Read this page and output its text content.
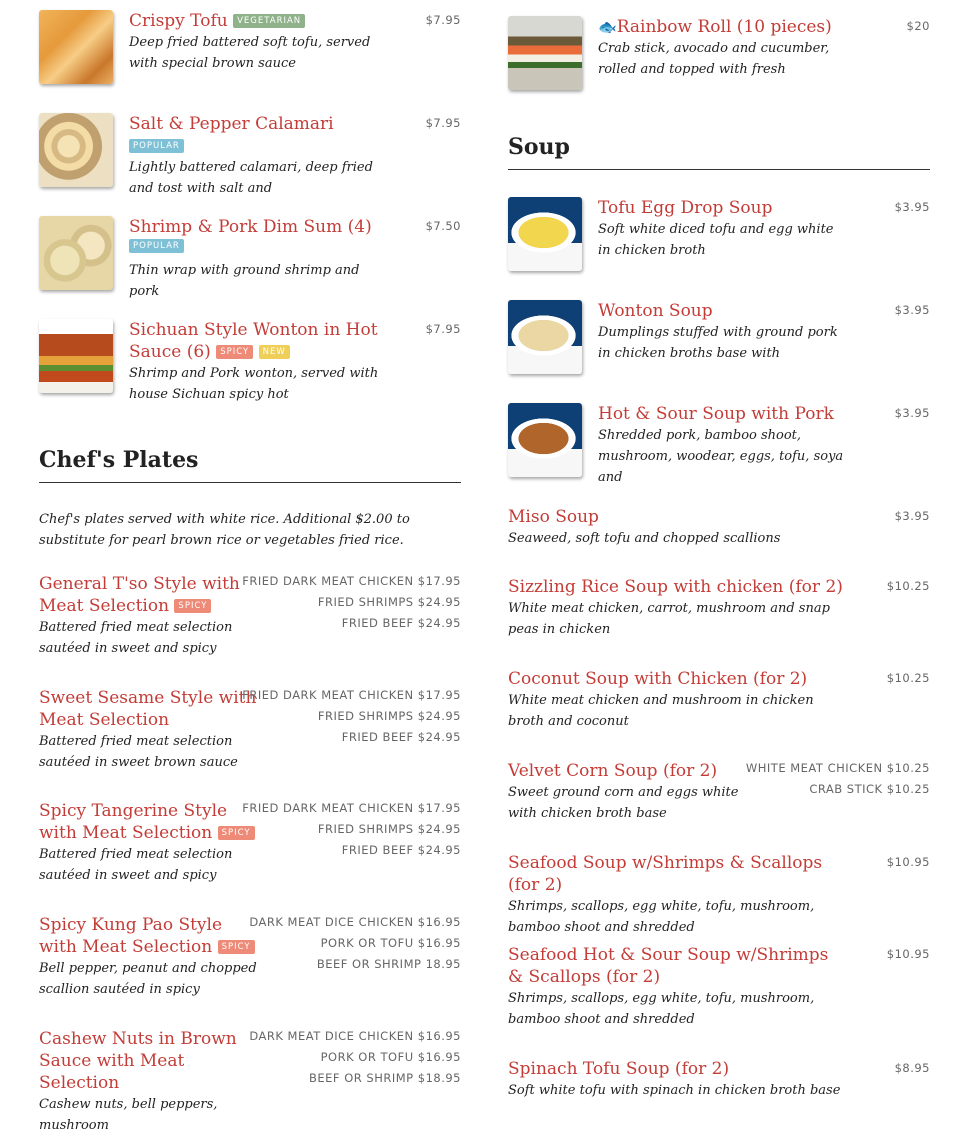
Crispy Tofu VEGETARIAN

Deep fried battered soft tofu, served with special brown sauce

$7.95

Salt & Pepper Calamari POPULAR

Lightly battered calamari, deep fried and tost with salt and

$7.95

Shrimp & Pork Dim Sum (4)

POPULAR

Thin wrap with ground shrimp and pork

$7.50

Sichuan Style Wonton in Hot Sauce (6) SPICY NEW

Shrimp and Pork wonton, served with house Sichuan spicy hot

$7.95
Chef's Plates

Chef's plates served with white rice. Additional $2.00 to substitute for pearl brown rice or vegetables fried rice.

General T'so Style with Meat Selection SPICY

Battered fried meat selection sautéed in sweet and spicy

FRIED DARK MEAT CHICKEN $17.95
FRIED SHRIMPS $24.95
FRIED BEEF $24.95

Sweet Sesame Style with Meat Selection

Battered fried meat selection sautéed in sweet brown sauce

FRIED DARK MEAT CHICKEN $17.95
FRIED SHRIMPS $24.95
FRIED BEEF $24.95

Spicy Tangerine Style with Meat Selection SPICY

Battered fried meat selection sautéed in sweet and spicy

FRIED DARK MEAT CHICKEN $17.95
FRIED SHRIMPS $24.95
FRIED BEEF $24.95

Spicy Kung Pao Style with Meat Selection SPICY

Bell pepper, peanut and chopped scallion sautéed in spicy

DARK MEAT DICE CHICKEN $16.95
PORK OR TOFU $16.95
BEEF OR SHRIMP 18.95

Cashew Nuts in Brown Sauce with Meat Selection

Cashew nuts, bell peppers, mushroom

DARK MEAT DICE CHICKEN $16.95
PORK OR TOFU $16.95
BEEF OR SHRIMP $18.95

🐟Rainbow Roll (10 pieces)

Crab stick, avocado and cucumber, rolled and topped with fresh

$20
Soup

Tofu Egg Drop Soup

Soft white diced tofu and egg white in chicken broth

$3.95

Wonton Soup

Dumplings stuffed with ground pork in chicken broths base with

$3.95

Hot & Sour Soup with Pork

Shredded pork, bamboo shoot, mushroom, woodear, eggs, tofu, soya and

$3.95

Miso Soup

Seaweed, soft tofu and chopped scallions

$3.95

Sizzling Rice Soup with chicken (for 2)

White meat chicken, carrot, mushroom and snap peas in chicken

$10.25

Coconut Soup with Chicken (for 2)

White meat chicken and mushroom in chicken broth and coconut

$10.25

Velvet Corn Soup (for 2)

Sweet ground corn and eggs white with chicken broth base

WHITE MEAT CHICKEN $10.25
CRAB STICK $10.25

Seafood Soup w/Shrimps & Scallops (for 2)

Shrimps, scallops, egg white, tofu, mushroom, bamboo shoot and shredded

$10.95

Seafood Hot & Sour Soup w/Shrimps & Scallops (for 2)

Shrimps, scallops, egg white, tofu, mushroom, bamboo shoot and shredded

$10.95

Spinach Tofu Soup (for 2)

Soft white tofu with spinach in chicken broth base

$8.95
